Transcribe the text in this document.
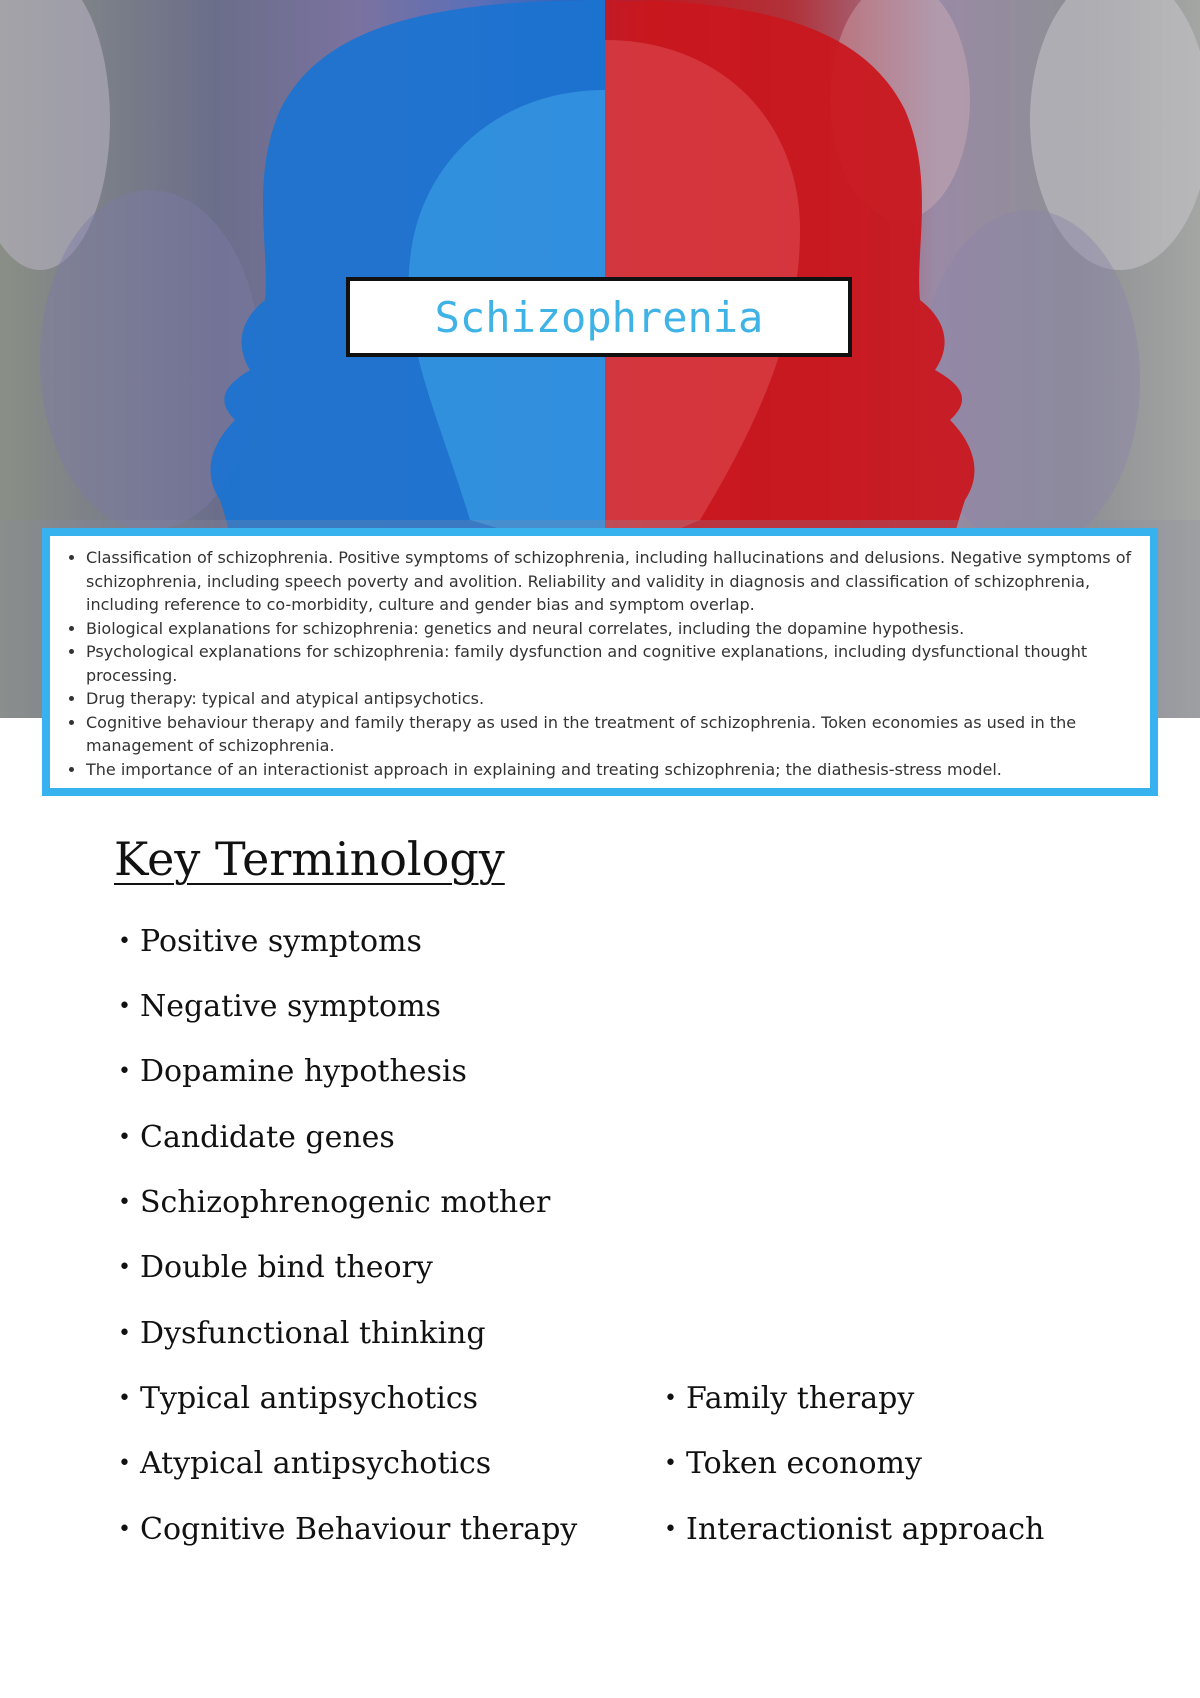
Schizophrenia
• Classification of schizophrenia. Positive symptoms of schizophrenia, including hallucinations and delusions. Negative symptoms of schizophrenia, including speech poverty and avolition. Reliability and validity in diagnosis and classification of schizophrenia, including reference to co-morbidity, culture and gender bias and symptom overlap.
• Biological explanations for schizophrenia: genetics and neural correlates, including the dopamine hypothesis.
• Psychological explanations for schizophrenia: family dysfunction and cognitive explanations, including dysfunctional thought processing.
• Drug therapy: typical and atypical antipsychotics.
• Cognitive behaviour therapy and family therapy as used in the treatment of schizophrenia. Token economies as used in the management of schizophrenia.
• The importance of an interactionist approach in explaining and treating schizophrenia; the diathesis-stress model.
Key Terminology
• Positive symptoms
• Negative symptoms
• Dopamine hypothesis
• Candidate genes
• Schizophrenogenic mother
• Double bind theory
• Dysfunctional thinking
• Typical antipsychotics
• Atypical antipsychotics
• Cognitive Behaviour therapy
• Family therapy
• Token economy
• Interactionist approach
